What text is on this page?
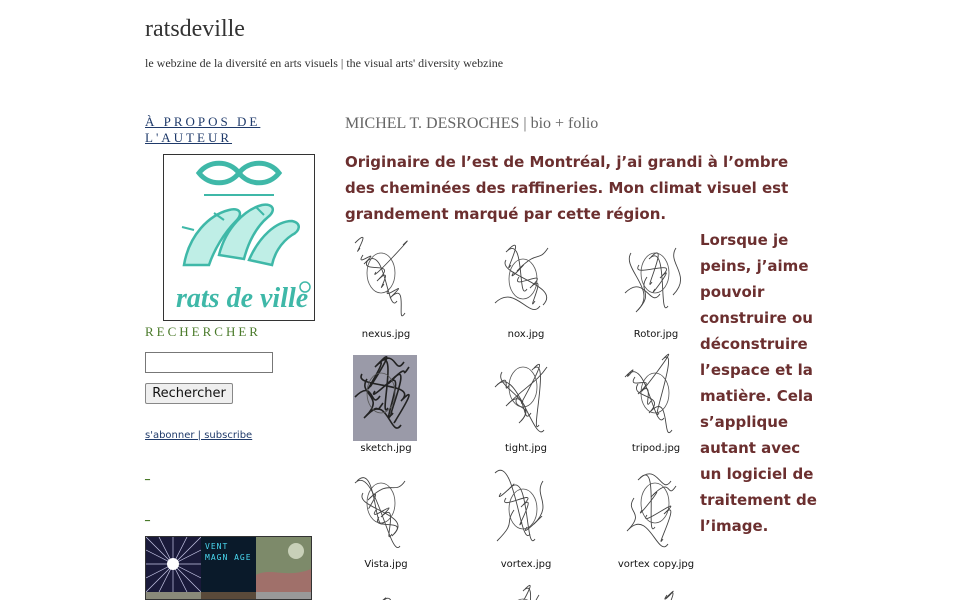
ratsdeville
le webzine de la diversité en arts visuels | the visual arts' diversity webzine
À PROPOS DE L'AUTEUR
rats de ville
RECHERCHER
Rechercher
s'abonner | subscribe
_
_
VENT MAGN AGE
MICHEL T. DESROCHES | bio + folio
Originaire de l’est de Montréal, j’ai grandi à l’ombre des cheminées des raffineries. Mon climat visuel est grandement marqué par cette région.
Lorsque je peins, j’aime pouvoir construire ou déconstruire l’espace et la matière. Cela s’applique autant avec un logiciel de traitement de l’image.
nexus.jpg	nox.jpg	Rotor.jpg
sketch.jpg	tight.jpg	tripod.jpg
Vista.jpg	vortex.jpg	vortex copy.jpg
